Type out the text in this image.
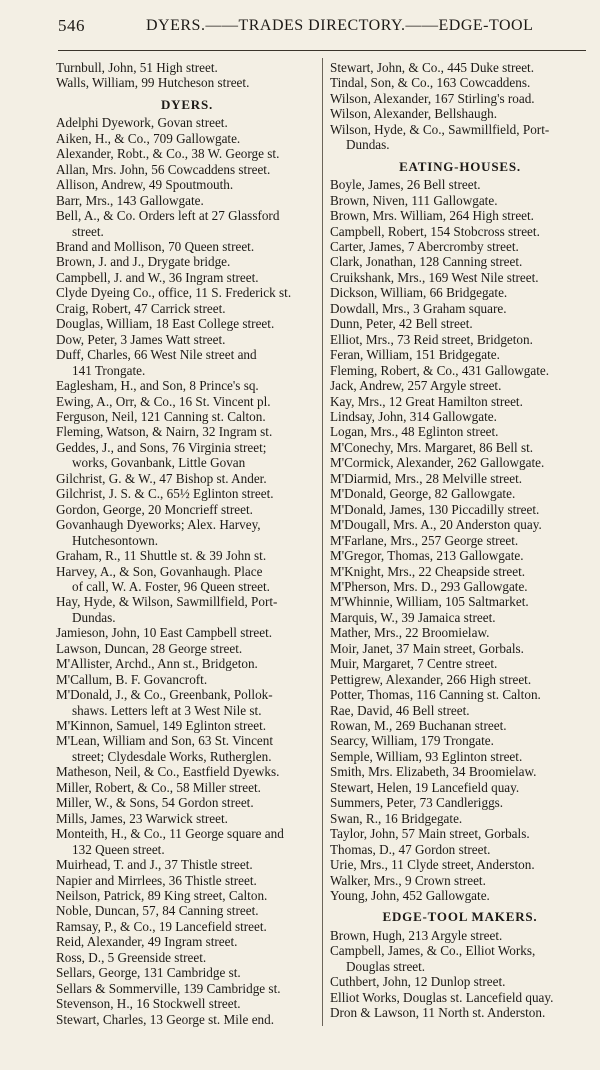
546	DYERS.——TRADES DIRECTORY.——EDGE-TOOL
Turnbull, John, 51 High street.
Walls, William, 99 Hutcheson street.
DYERS.
Adelphi Dyework, Govan street.
Aiken, H., & Co., 709 Gallowgate.
Alexander, Robt., & Co., 38 W. George st.
Allan, Mrs. John, 56 Cowcaddens street.
Allison, Andrew, 49 Spoutmouth.
Barr, Mrs., 143 Gallowgate.
Bell, A., & Co. Orders left at 27 Glassford
street.
Brand and Mollison, 70 Queen street.
Brown, J. and J., Drygate bridge.
Campbell, J. and W., 36 Ingram street.
Clyde Dyeing Co., office, 11 S. Frederick st.
Craig, Robert, 47 Carrick street.
Douglas, William, 18 East College street.
Dow, Peter, 3 James Watt street.
Duff, Charles, 66 West Nile street and
141 Trongate.
Eaglesham, H., and Son, 8 Prince's sq.
Ewing, A., Orr, & Co., 16 St. Vincent pl.
Ferguson, Neil, 121 Canning st. Calton.
Fleming, Watson, & Nairn, 32 Ingram st.
Geddes, J., and Sons, 76 Virginia street;
works, Govanbank, Little Govan
Gilchrist, G. & W., 47 Bishop st. Ander.
Gilchrist, J. S. & C., 65½ Eglinton street.
Gordon, George, 20 Moncrieff street.
Govanhaugh Dyeworks; Alex. Harvey,
Hutchesontown.
Graham, R., 11 Shuttle st. & 39 John st.
Harvey, A., & Son, Govanhaugh. Place
of call, W. A. Foster, 96 Queen street.
Hay, Hyde, & Wilson, Sawmillfield, Port-
Dundas.
Jamieson, John, 10 East Campbell street.
Lawson, Duncan, 28 George street.
M'Allister, Archd., Ann st., Bridgeton.
M'Callum, B. F. Govancroft.
M'Donald, J., & Co., Greenbank, Pollok-
shaws. Letters left at 3 West Nile st.
M'Kinnon, Samuel, 149 Eglinton street.
M'Lean, William and Son, 63 St. Vincent
street; Clydesdale Works, Rutherglen.
Matheson, Neil, & Co., Eastfield Dyewks.
Miller, Robert, & Co., 58 Miller street.
Miller, W., & Sons, 54 Gordon street.
Mills, James, 23 Warwick street.
Monteith, H., & Co., 11 George square and
132 Queen street.
Muirhead, T. and J., 37 Thistle street.
Napier and Mirrlees, 36 Thistle street.
Neilson, Patrick, 89 King street, Calton.
Noble, Duncan, 57, 84 Canning street.
Ramsay, P., & Co., 19 Lancefield street.
Reid, Alexander, 49 Ingram street.
Ross, D., 5 Greenside street.
Sellars, George, 131 Cambridge st.
Sellars & Sommerville, 139 Cambridge st.
Stevenson, H., 16 Stockwell street.
Stewart, Charles, 13 George st. Mile end.
Stewart, John, & Co., 445 Duke street.
Tindal, Son, & Co., 163 Cowcaddens.
Wilson, Alexander, 167 Stirling's road.
Wilson, Alexander, Bellshaugh.
Wilson, Hyde, & Co., Sawmillfield, Port-
Dundas.
EATING-HOUSES.
Boyle, James, 26 Bell street.
Brown, Niven, 111 Gallowgate.
Brown, Mrs. William, 264 High street.
Campbell, Robert, 154 Stobcross street.
Carter, James, 7 Abercromby street.
Clark, Jonathan, 128 Canning street.
Cruikshank, Mrs., 169 West Nile street.
Dickson, William, 66 Bridgegate.
Dowdall, Mrs., 3 Graham square.
Dunn, Peter, 42 Bell street.
Elliot, Mrs., 73 Reid street, Bridgeton.
Feran, William, 151 Bridgegate.
Fleming, Robert, & Co., 431 Gallowgate.
Jack, Andrew, 257 Argyle street.
Kay, Mrs., 12 Great Hamilton street.
Lindsay, John, 314 Gallowgate.
Logan, Mrs., 48 Eglinton street.
M'Conechy, Mrs. Margaret, 86 Bell st.
M'Cormick, Alexander, 262 Gallowgate.
M'Diarmid, Mrs., 28 Melville street.
M'Donald, George, 82 Gallowgate.
M'Donald, James, 130 Piccadilly street.
M'Dougall, Mrs. A., 20 Anderston quay.
M'Farlane, Mrs., 257 George street.
M'Gregor, Thomas, 213 Gallowgate.
M'Knight, Mrs., 22 Cheapside street.
M'Pherson, Mrs. D., 293 Gallowgate.
M'Whinnie, William, 105 Saltmarket.
Marquis, W., 39 Jamaica street.
Mather, Mrs., 22 Broomielaw.
Moir, Janet, 37 Main street, Gorbals.
Muir, Margaret, 7 Centre street.
Pettigrew, Alexander, 266 High street.
Potter, Thomas, 116 Canning st. Calton.
Rae, David, 46 Bell street.
Rowan, M., 269 Buchanan street.
Searcy, William, 179 Trongate.
Semple, William, 93 Eglinton street.
Smith, Mrs. Elizabeth, 34 Broomielaw.
Stewart, Helen, 19 Lancefield quay.
Summers, Peter, 73 Candleriggs.
Swan, R., 16 Bridgegate.
Taylor, John, 57 Main street, Gorbals.
Thomas, D., 47 Gordon street.
Urie, Mrs., 11 Clyde street, Anderston.
Walker, Mrs., 9 Crown street.
Young, John, 452 Gallowgate.
EDGE-TOOL MAKERS.
Brown, Hugh, 213 Argyle street.
Campbell, James, & Co., Elliot Works,
Douglas street.
Cuthbert, John, 12 Dunlop street.
Elliot Works, Douglas st. Lancefield quay.
Dron & Lawson, 11 North st. Anderston.
